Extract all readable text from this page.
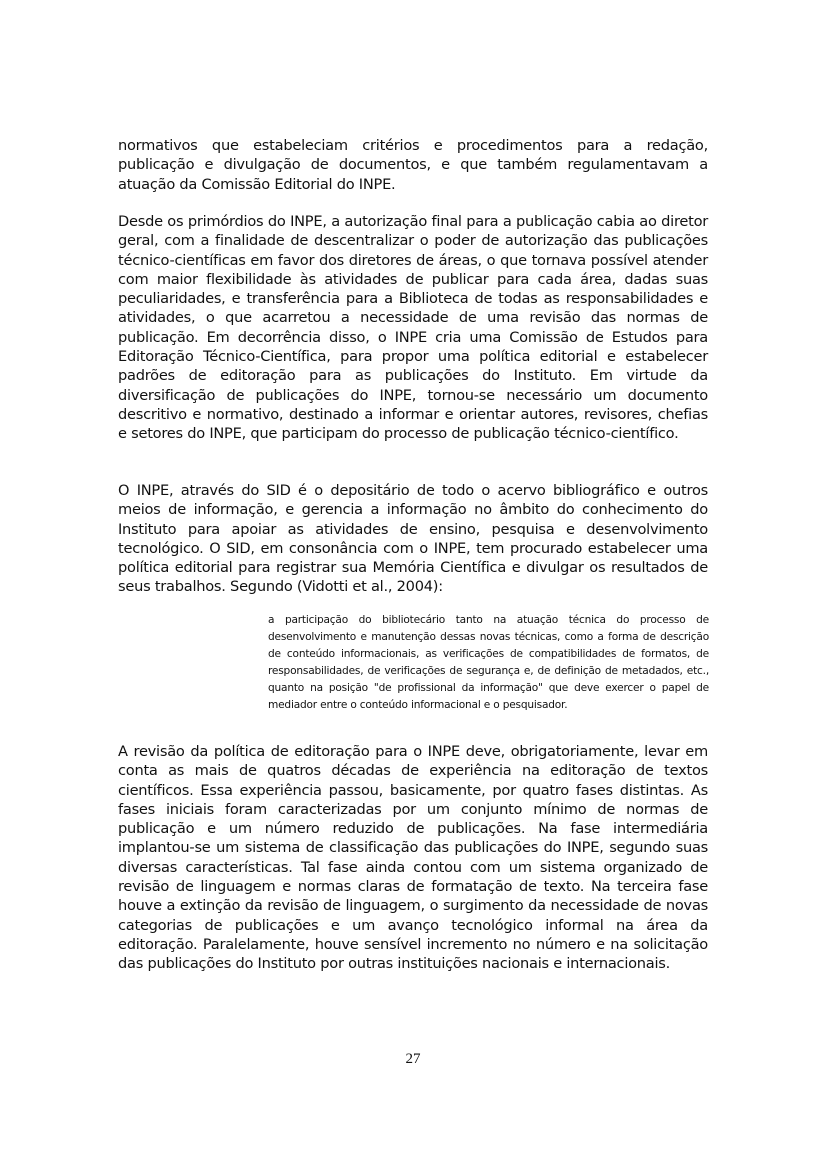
normativos que estabeleciam critérios e procedimentos para a redação, publicação e divulgação de documentos, e que também regulamentavam a atuação da Comissão Editorial do INPE.

Desde os primórdios do INPE, a autorização final para a publicação cabia ao diretor geral, com a finalidade de descentralizar o poder de autorização das publicações técnico-científicas em favor dos diretores de áreas, o que tornava possível atender com maior flexibilidade às atividades de publicar para cada área, dadas suas peculiaridades, e transferência para a Biblioteca de todas as responsabilidades e atividades, o que acarretou a necessidade de uma revisão das normas de publicação. Em decorrência disso, o INPE cria uma Comissão de Estudos para Editoração Técnico-Científica, para propor uma política editorial e estabelecer padrões de editoração para as publicações do Instituto. Em virtude da diversificação de publicações do INPE, tornou-se necessário um documento descritivo e normativo, destinado a informar e orientar autores, revisores, chefias e setores do INPE, que participam do processo de publicação técnico-científico.

O INPE, através do SID é o depositário de todo o acervo bibliográfico e outros meios de informação, e gerencia a informação no âmbito do conhecimento do Instituto para apoiar as atividades de ensino, pesquisa e desenvolvimento tecnológico. O SID, em consonância com o INPE, tem procurado estabelecer uma política editorial para registrar sua Memória Científica e divulgar os resultados de seus trabalhos. Segundo (Vidotti et al., 2004):

a participação do bibliotecário tanto na atuação técnica do processo de desenvolvimento e manutenção dessas novas técnicas, como a forma de descrição de conteúdo informacionais, as verificações de compatibilidades de formatos, de responsabilidades, de verificações de segurança e, de definição de metadados, etc., quanto na posição "de profissional da informação" que deve exercer o papel de mediador entre o conteúdo informacional e o pesquisador.

A revisão da política de editoração para o INPE deve, obrigatoriamente, levar em conta as mais de quatros décadas de experiência na editoração de textos científicos. Essa experiência passou, basicamente, por quatro fases distintas. As fases iniciais foram caracterizadas por um conjunto mínimo de normas de publicação e um número reduzido de publicações. Na fase intermediária implantou-se um sistema de classificação das publicações do INPE, segundo suas diversas características. Tal fase ainda contou com um sistema organizado de revisão de linguagem e normas claras de formatação de texto. Na terceira fase houve a extinção da revisão de linguagem, o surgimento da necessidade de novas categorias de publicações e um avanço tecnológico informal na área da editoração. Paralelamente, houve sensível incremento no número e na solicitação das publicações do Instituto por outras instituições nacionais e internacionais.

27
